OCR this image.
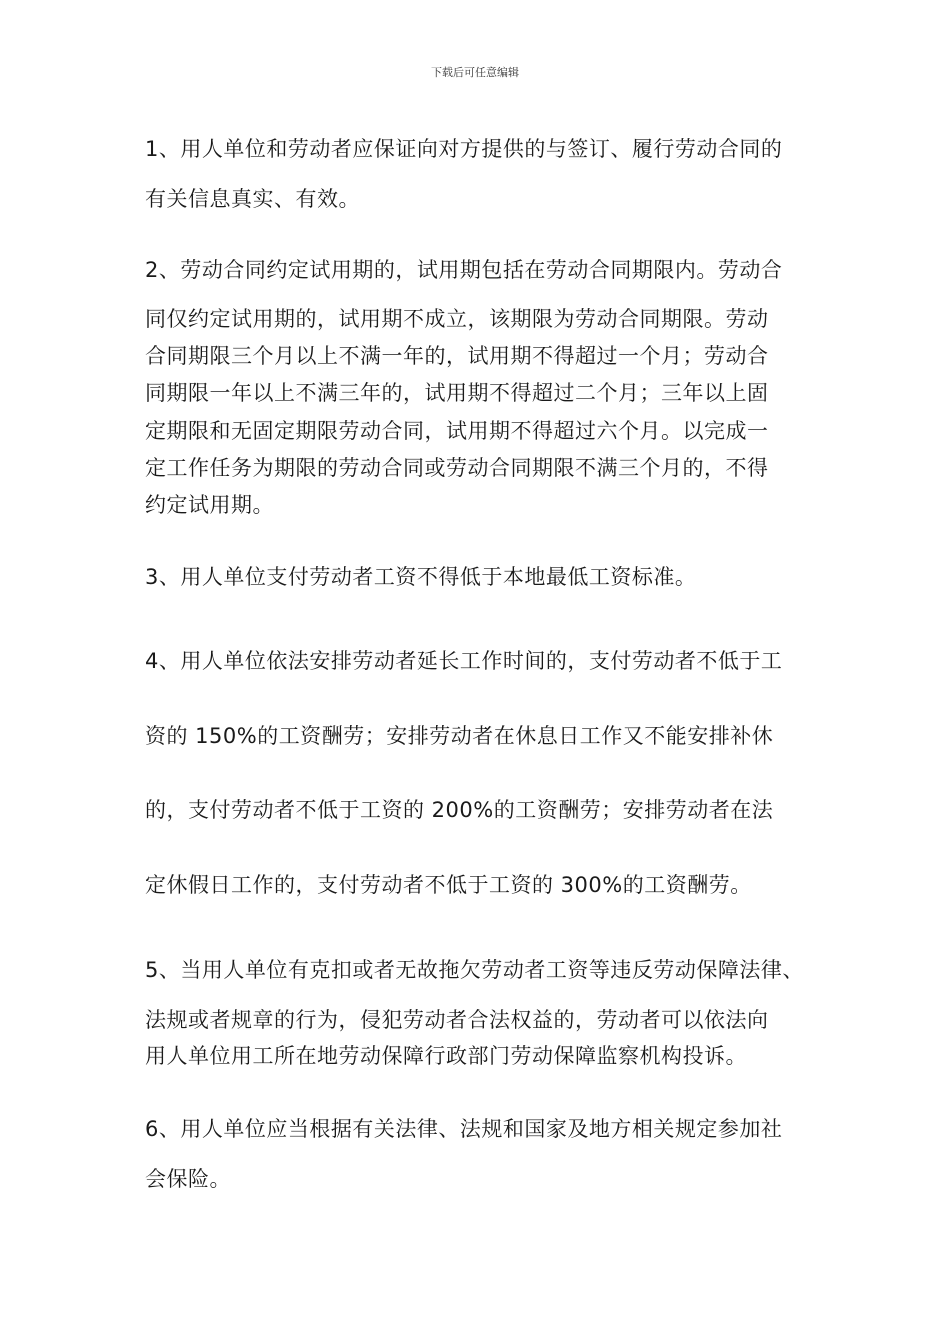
下载后可任意编辑
1、用人单位和劳动者应保证向对方提供的与签订、履行劳动合同的
有关信息真实、有效。
2、劳动合同约定试用期的，试用期包括在劳动合同期限内。劳动合
同仅约定试用期的，试用期不成立，该期限为劳动合同期限。劳动
合同期限三个月以上不满一年的，试用期不得超过一个月；劳动合
同期限一年以上不满三年的，试用期不得超过二个月；三年以上固
定期限和无固定期限劳动合同，试用期不得超过六个月。以完成一
定工作任务为期限的劳动合同或劳动合同期限不满三个月的，不得
约定试用期。
3、用人单位支付劳动者工资不得低于本地最低工资标准。
4、用人单位依法安排劳动者延长工作时间的，支付劳动者不低于工
资的 150%的工资酬劳；安排劳动者在休息日工作又不能安排补休
的，支付劳动者不低于工资的 200%的工资酬劳；安排劳动者在法
定休假日工作的，支付劳动者不低于工资的 300%的工资酬劳。
5、当用人单位有克扣或者无故拖欠劳动者工资等违反劳动保障法律、
法规或者规章的行为，侵犯劳动者合法权益的，劳动者可以依法向
用人单位用工所在地劳动保障行政部门劳动保障监察机构投诉。
6、用人单位应当根据有关法律、法规和国家及地方相关规定参加社
会保险。
